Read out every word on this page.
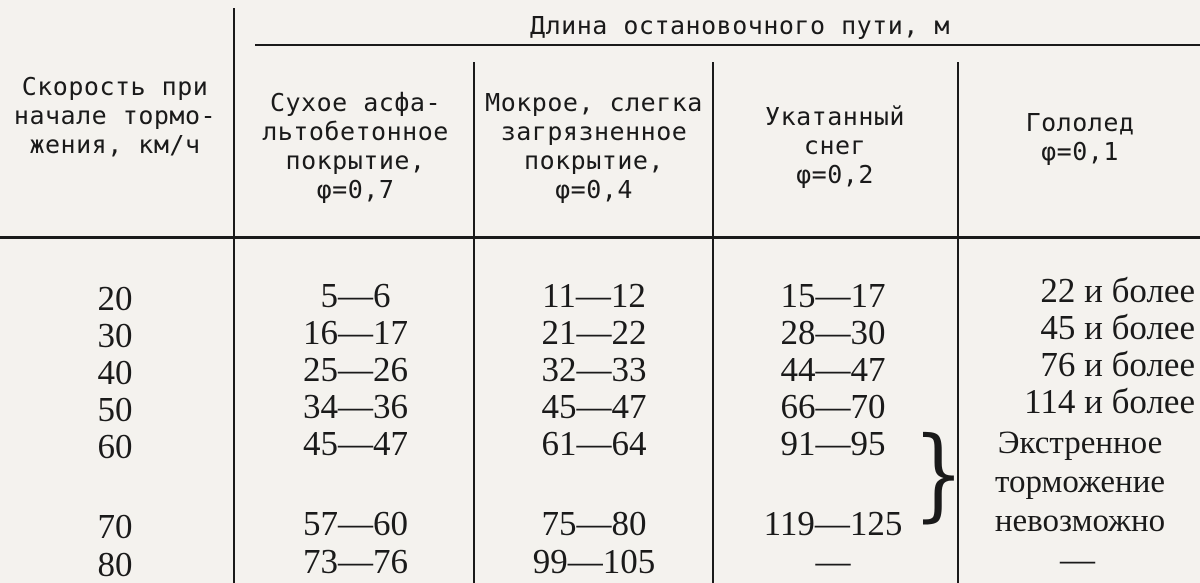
Скорость при
начале тормо-
жения, км/ч
Длина остановочного пути, м
Сухое асфа-
льтобетонное
покрытие,
φ=0,7
Мокрое, слегка
загрязненное
покрытие,
φ=0,4
Укатанный
снег
φ=0,2
Гололед
φ=0,1
20
30
40
50
60
70
80
5—6
16—17
25—26
34—36
45—47
57—60
73—76
11—12
21—22
32—33
45—47
61—64
75—80
99—105
15—17
28—30
44—47
66—70
91—95
119—125
—
}
22 и более
45 и более
76 и более
114 и более
Экстренное
торможение
невозможно
—
